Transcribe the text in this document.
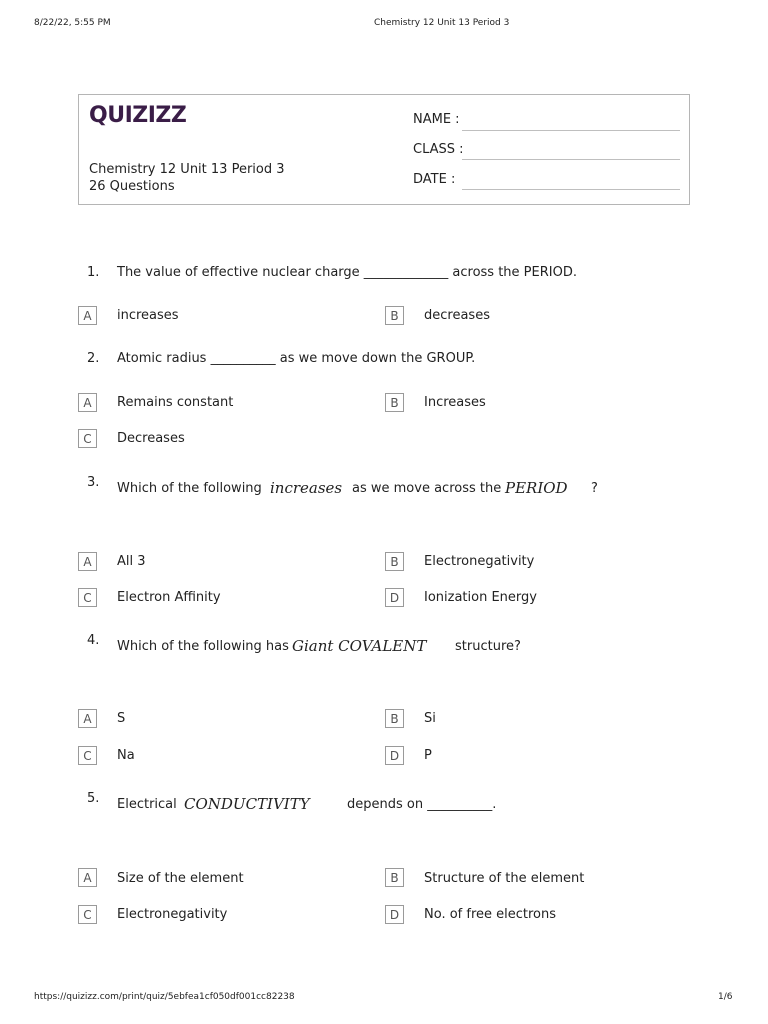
8/22/22, 5:55 PM	Chemistry 12 Unit 13 Period 3
QUIZIZZ
Chemistry 12 Unit 13 Period 3
26 Questions
NAME :
CLASS :
DATE :
1. The value of effective nuclear charge _____________ across the PERIOD.
A	increases	B	decreases
2. Atomic radius __________ as we move down the GROUP.
A	Remains constant	B	Increases
C	Decreases
3. Which of the following increases as we move across the PERIOD ?
A	All 3	B	Electronegativity
C	Electron Affinity	D	Ionization Energy
4. Which of the following has Giant COVALENT structure?
A	S	B	Si
C	Na	D	P
5. Electrical CONDUCTIVITY	depends on __________.
A	Size of the element	B	Structure of the element
C	Electronegativity	D	No. of free electrons
https://quizizz.com/print/quiz/5ebfea1cf050df001cc82238	1/6
